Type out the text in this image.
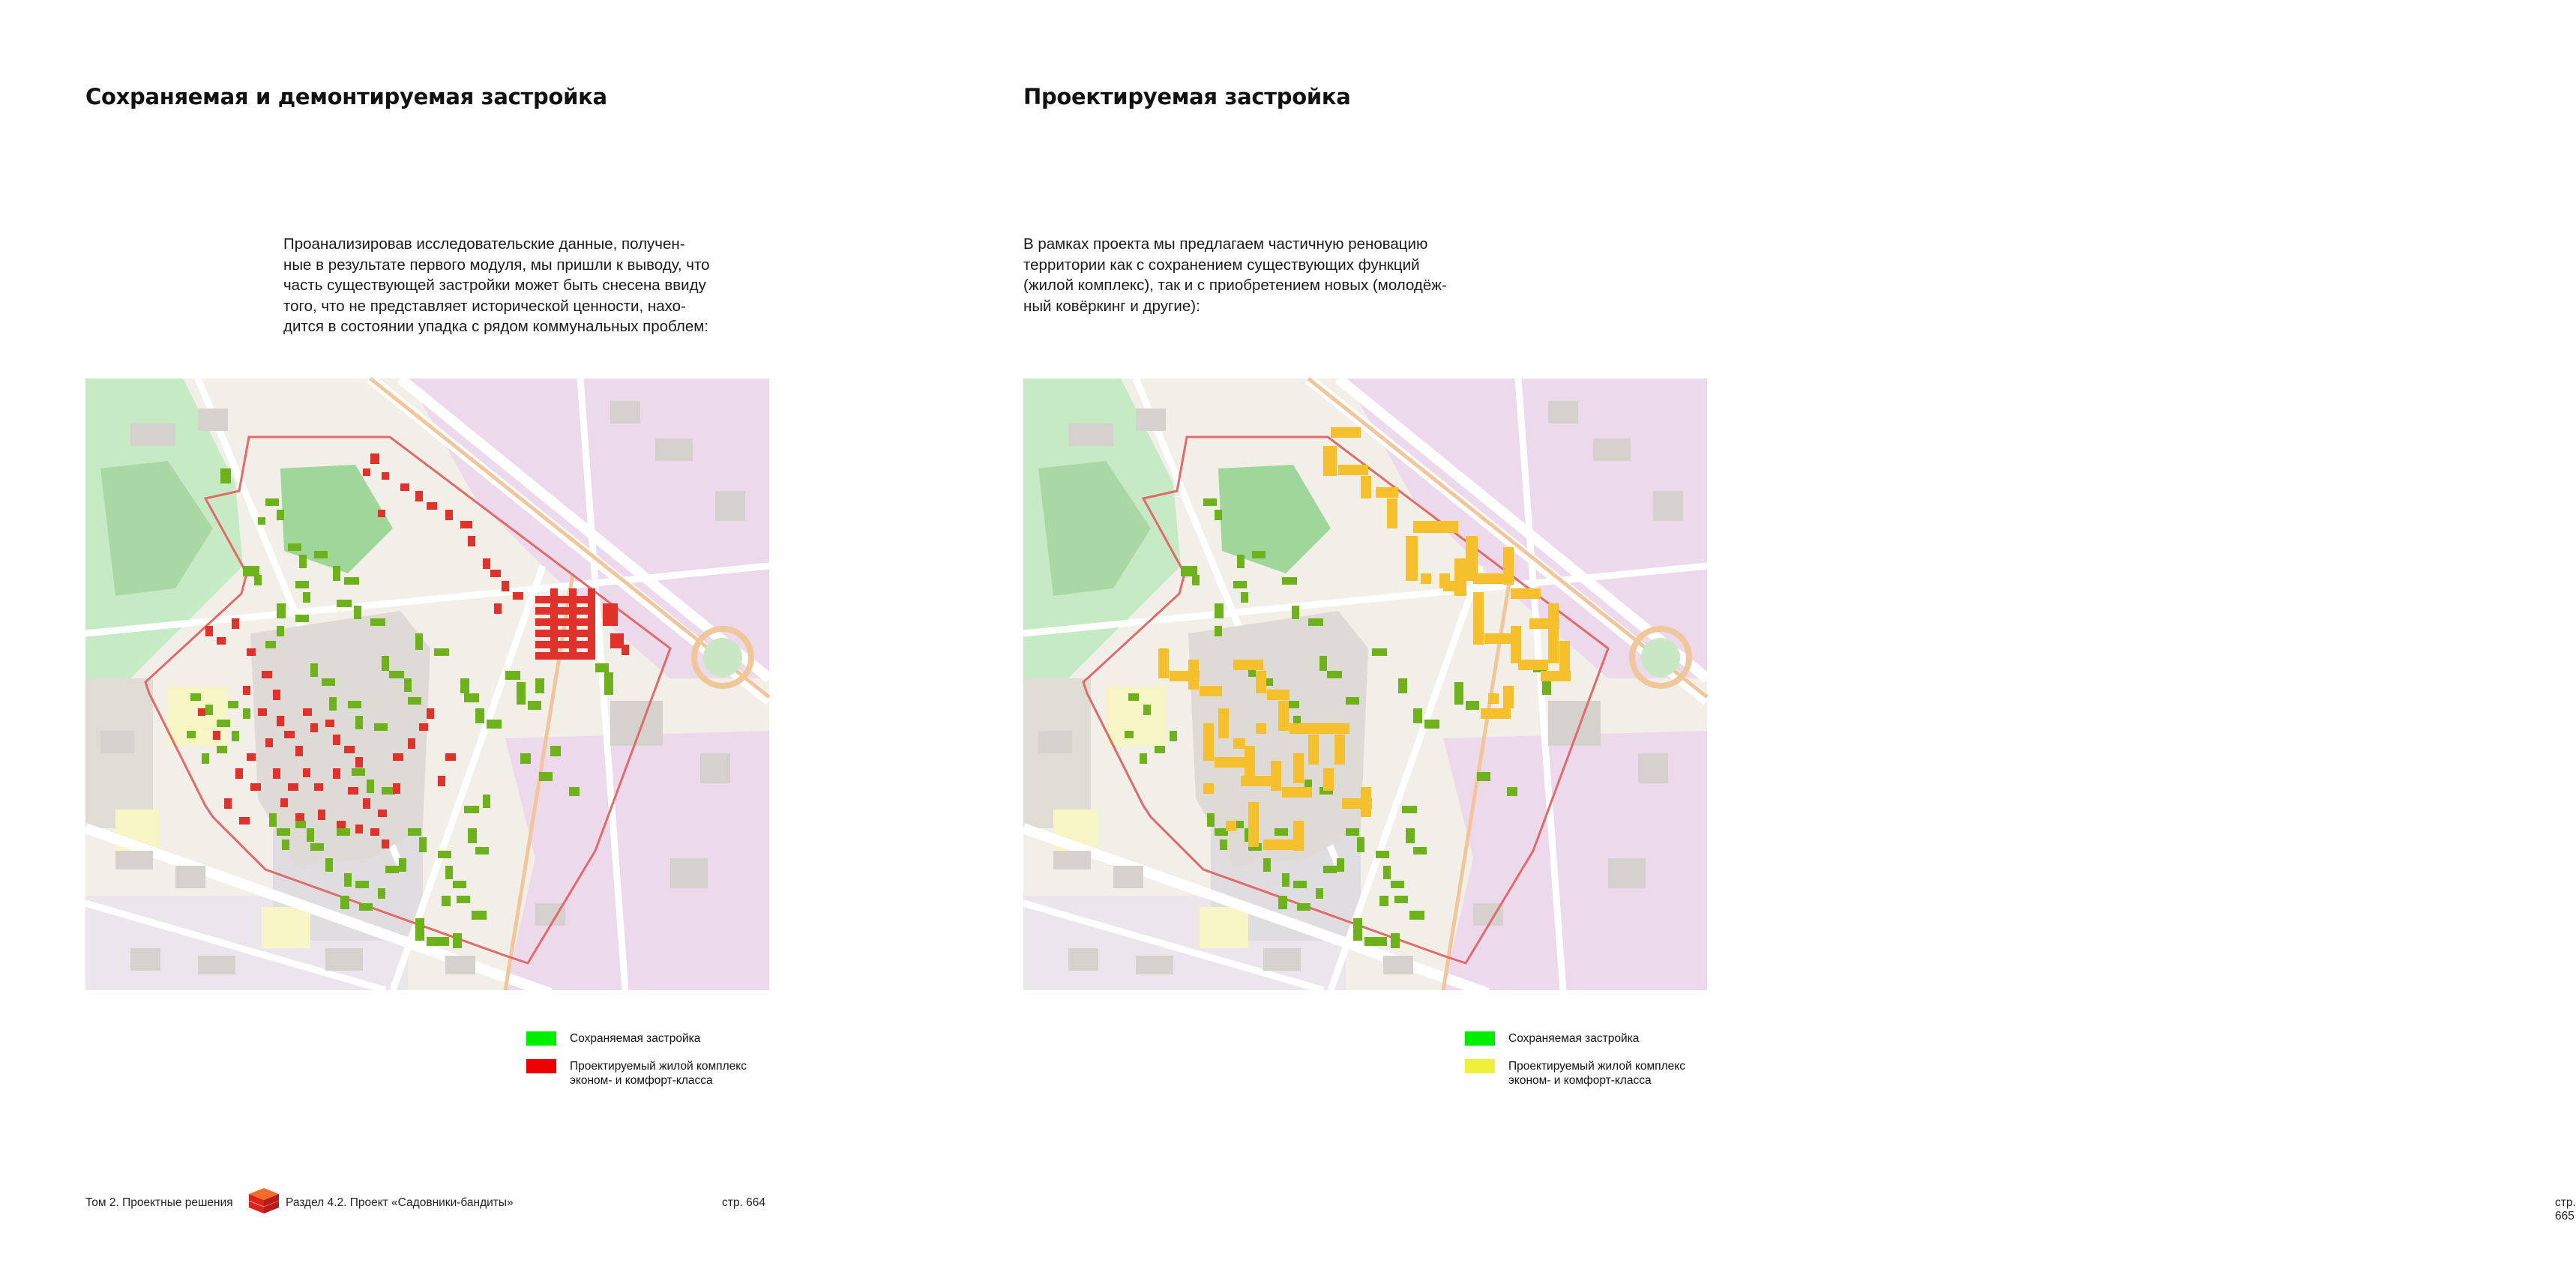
Сохраняемая и демонтируемая застройка
Проанализировав исследовательские данные, получен-
ные в результате первого модуля, мы пришли к выводу, что
часть существующей застройки может быть снесена ввиду
того, что не представляет исторической ценности, нахо-
дится в состоянии упадка с рядом коммунальных проблем:
Сохраняемая застройка
Проектируемый жилой комплекс эконом- и комфорт-класса
Том 2. Проектные решения	Раздел 4.2. Проект «Садовники-бандиты»	стр. 664
Проектируемая застройка
В рамках проекта мы предлагаем частичную реновацию
территории как с сохранением существующих функций
(жилой комплекс), так и с приобретением новых (молодёж-
ный ковёркинг и другие):
Сохраняемая застройка
Проектируемый жилой комплекс эконом- и комфорт-класса
стр. 665
